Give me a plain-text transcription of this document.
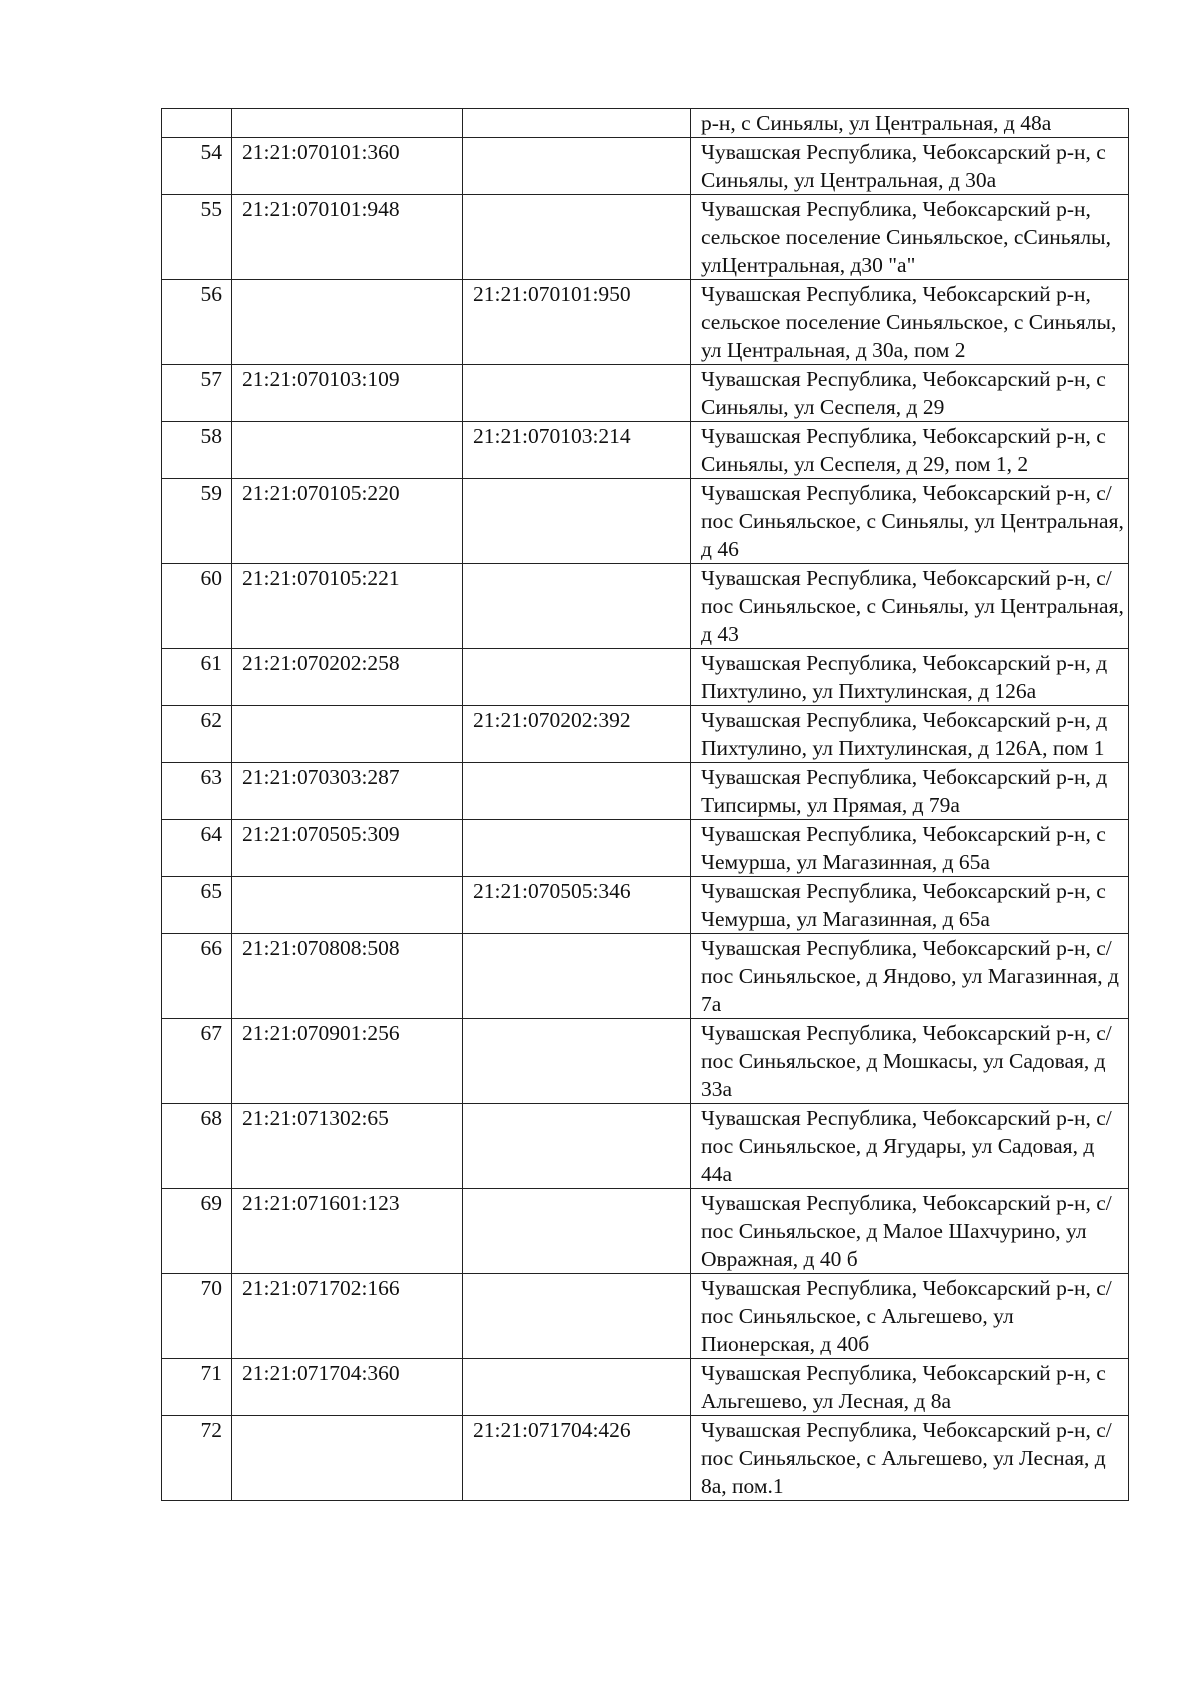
			р-н, с Синьялы, ул Центральная, д 48а
54	21:21:070101:360		Чувашская Республика, Чебоксарский р-н, с Синьялы, ул Центральная, д 30а
55	21:21:070101:948		Чувашская Республика, Чебоксарский р-н, сельское поселение Синьяльское, сСиньялы, улЦентральная, д30 "а"
56		21:21:070101:950	Чувашская Республика, Чебоксарский р-н, сельское поселение Синьяльское, с Синьялы, ул Центральная, д 30а, пом 2
57	21:21:070103:109		Чувашская Республика, Чебоксарский р-н, с Синьялы, ул Сеспеля, д 29
58		21:21:070103:214	Чувашская Республика, Чебоксарский р-н, с Синьялы, ул Сеспеля, д 29, пом 1, 2
59	21:21:070105:220		Чувашская Республика, Чебоксарский р-н, с/пос Синьяльское, с Синьялы, ул Центральная, д 46
60	21:21:070105:221		Чувашская Республика, Чебоксарский р-н, с/пос Синьяльское, с Синьялы, ул Центральная, д 43
61	21:21:070202:258		Чувашская Республика, Чебоксарский р-н, д Пихтулино, ул Пихтулинская, д 126а
62		21:21:070202:392	Чувашская Республика, Чебоксарский р-н, д Пихтулино, ул Пихтулинская, д 126А, пом 1
63	21:21:070303:287		Чувашская Республика, Чебоксарский р-н, д Типсирмы, ул Прямая, д 79а
64	21:21:070505:309		Чувашская Республика, Чебоксарский р-н, с Чемурша, ул Магазинная, д 65а
65		21:21:070505:346	Чувашская Республика, Чебоксарский р-н, с Чемурша, ул Магазинная, д 65а
66	21:21:070808:508		Чувашская Республика, Чебоксарский р-н, с/пос Синьяльское, д Яндово, ул Магазинная, д 7а
67	21:21:070901:256		Чувашская Республика, Чебоксарский р-н, с/пос Синьяльское, д Мошкасы, ул Садовая, д 33а
68	21:21:071302:65		Чувашская Республика, Чебоксарский р-н, с/пос Синьяльское, д Ягудары, ул Садовая, д 44а
69	21:21:071601:123		Чувашская Республика, Чебоксарский р-н, с/пос Синьяльское, д Малое Шахчурино, ул Овражная, д 40 б
70	21:21:071702:166		Чувашская Республика, Чебоксарский р-н, с/пос Синьяльское, с Альгешево, ул Пионерская, д 40б
71	21:21:071704:360		Чувашская Республика, Чебоксарский р-н, с Альгешево, ул Лесная, д 8а
72		21:21:071704:426	Чувашская Республика, Чебоксарский р-н, с/пос Синьяльское, с Альгешево, ул Лесная, д 8а, пом.1
